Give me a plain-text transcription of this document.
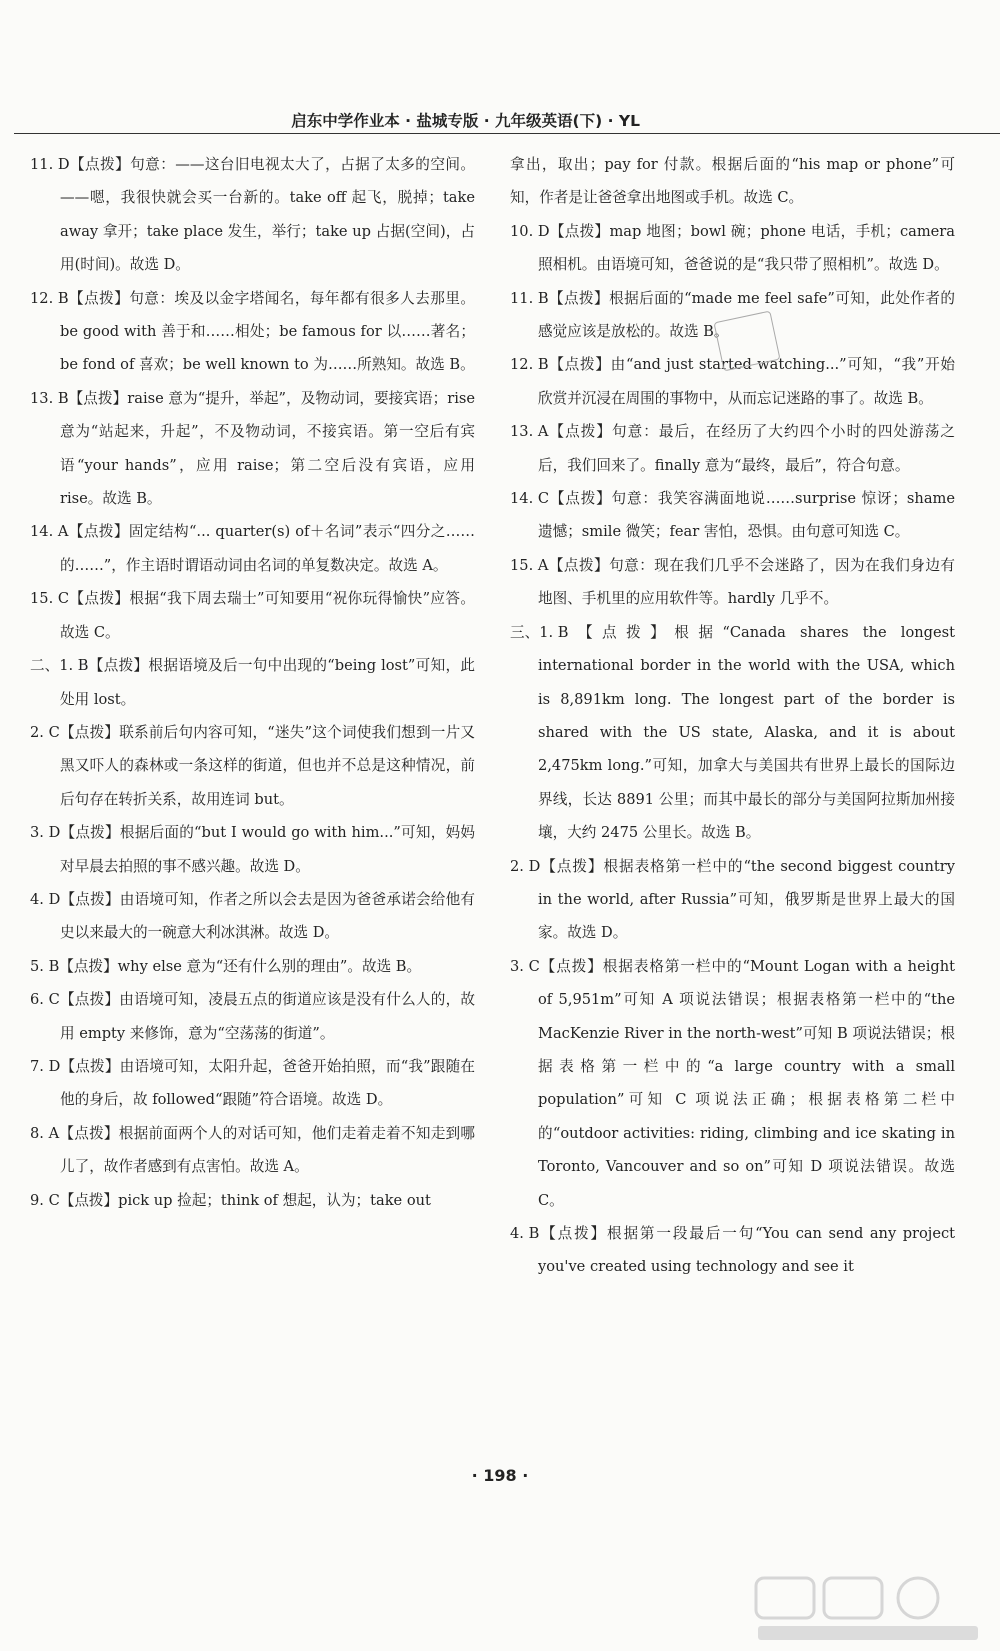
启东中学作业本 · 盐城专版 · 九年级英语(下) · YL

11. D【点拨】句意：——这台旧电视太大了，占据了太多的空间。——嗯，我很快就会买一台新的。take off 起飞，脱掉；take away 拿开；take place 发生，举行；take up 占据(空间)，占用(时间)。故选 D。

12. B【点拨】句意：埃及以金字塔闻名，每年都有很多人去那里。be good with 善于和……相处；be famous for 以……著名；be fond of 喜欢；be well known to 为……所熟知。故选 B。

13. B【点拨】raise 意为“提升，举起”，及物动词，要接宾语；rise 意为“站起来，升起”，不及物动词，不接宾语。第一空后有宾语“your hands”，应用 raise；第二空后没有宾语，应用 rise。故选 B。

14. A【点拨】固定结构“... quarter(s) of＋名词”表示“四分之……的……”，作主语时谓语动词由名词的单复数决定。故选 A。

15. C【点拨】根据“我下周去瑞士”可知要用“祝你玩得愉快”应答。故选 C。

二、1. B【点拨】根据语境及后一句中出现的“being lost”可知，此处用 lost。

2. C【点拨】联系前后句内容可知，“迷失”这个词使我们想到一片又黑又吓人的森林或一条这样的街道，但也并不总是这种情况，前后句存在转折关系，故用连词 but。

3. D【点拨】根据后面的“but I would go with him...”可知，妈妈对早晨去拍照的事不感兴趣。故选 D。

4. D【点拨】由语境可知，作者之所以会去是因为爸爸承诺会给他有史以来最大的一碗意大利冰淇淋。故选 D。

5. B【点拨】why else 意为“还有什么别的理由”。故选 B。

6. C【点拨】由语境可知，凌晨五点的街道应该是没有什么人的，故用 empty 来修饰，意为“空荡荡的街道”。

7. D【点拨】由语境可知，太阳升起，爸爸开始拍照，而“我”跟随在他的身后，故 followed“跟随”符合语境。故选 D。

8. A【点拨】根据前面两个人的对话可知，他们走着走着不知走到哪儿了，故作者感到有点害怕。故选 A。

9. C【点拨】pick up 捡起；think of 想起，认为；take out

拿出，取出；pay for 付款。根据后面的“his map or phone”可知，作者是让爸爸拿出地图或手机。故选 C。

10. D【点拨】map 地图；bowl 碗；phone 电话，手机；camera 照相机。由语境可知，爸爸说的是“我只带了照相机”。故选 D。

11. B【点拨】根据后面的“made me feel safe”可知，此处作者的感觉应该是放松的。故选 B。

12. B【点拨】由“and just started watching...”可知，“我”开始欣赏并沉浸在周围的事物中，从而忘记迷路的事了。故选 B。

13. A【点拨】句意：最后，在经历了大约四个小时的四处游荡之后，我们回来了。finally 意为“最终，最后”，符合句意。

14. C【点拨】句意：我笑容满面地说……surprise 惊讶；shame 遗憾；smile 微笑；fear 害怕，恐惧。由句意可知选 C。

15. A【点拨】句意：现在我们几乎不会迷路了，因为在我们身边有地图、手机里的应用软件等。hardly 几乎不。

三、1. B【点拨】根据“Canada shares the longest international border in the world with the USA, which is 8,891km long. The longest part of the border is shared with the US state, Alaska, and it is about 2,475km long.”可知，加拿大与美国共有世界上最长的国际边界线，长达 8891 公里；而其中最长的部分与美国阿拉斯加州接壤，大约 2475 公里长。故选 B。

2. D【点拨】根据表格第一栏中的“the second biggest country in the world, after Russia”可知，俄罗斯是世界上最大的国家。故选 D。

3. C【点拨】根据表格第一栏中的“Mount Logan with a height of 5,951m”可知 A 项说法错误；根据表格第一栏中的“the MacKenzie River in the north-west”可知 B 项说法错误；根据表格第一栏中的“a large country with a small population”可知 C 项说法正确；根据表格第二栏中的“outdoor activities: riding, climbing and ice skating in Toronto, Vancouver and so on”可知 D 项说法错误。故选 C。

4. B【点拨】根据第一段最后一句“You can send any project you've created using technology and see it

· 198 ·
